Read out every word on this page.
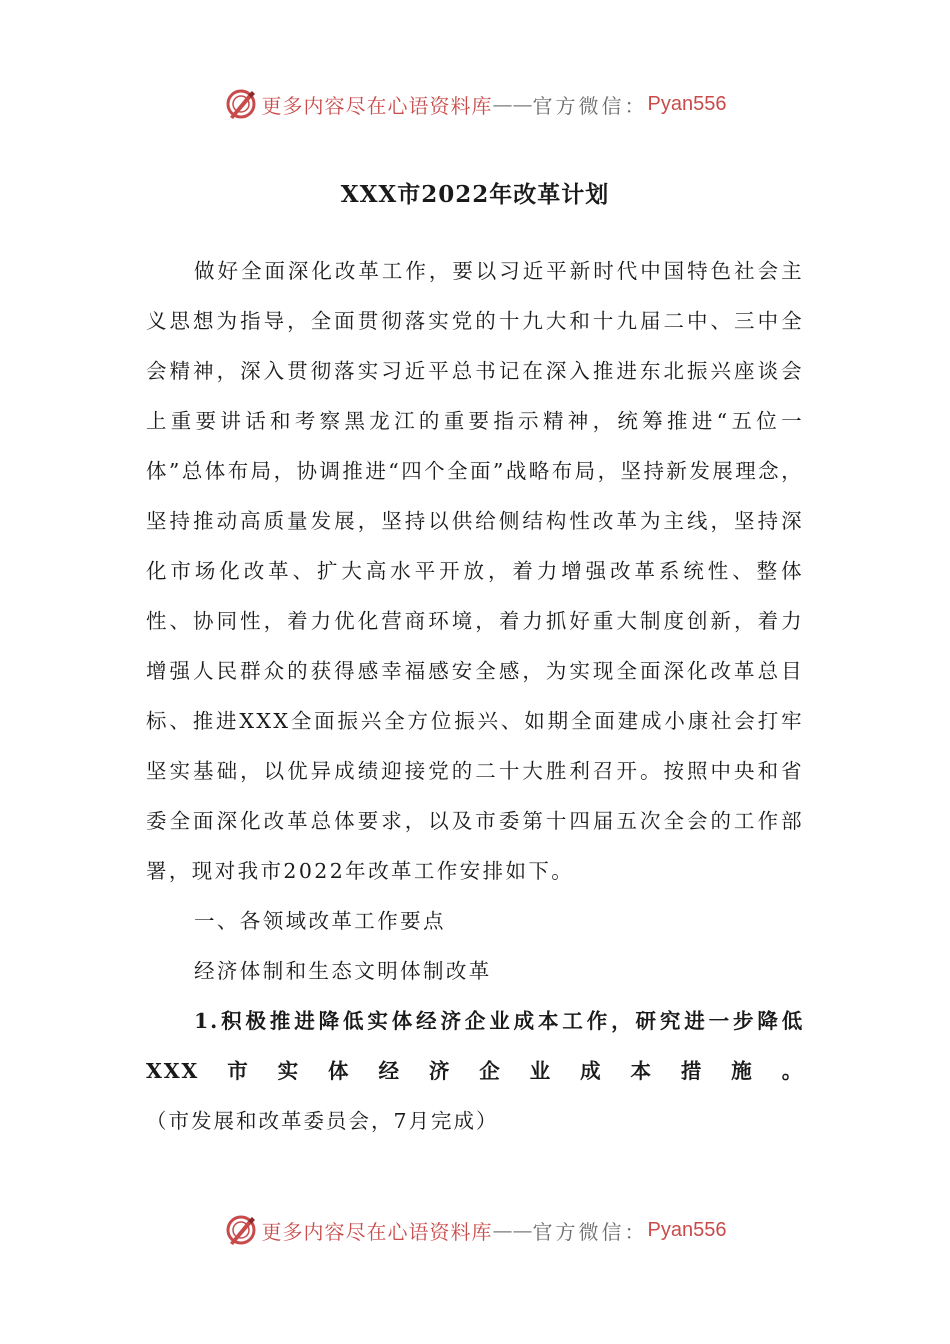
更多内容尽在心语资料库 —— 官方微信： Pyan556
XXX市2022年改革计划

做好全面深化改革工作，要以习近平新时代中国特色社会主义思想为指导，全面贯彻落实党的十九大和十九届二中、三中全会精神，深入贯彻落实习近平总书记在深入推进东北振兴座谈会上重要讲话和考察黑龙江的重要指示精神，统筹推进“五位一体”总体布局，协调推进“四个全面”战略布局，坚持新发展理念，坚持推动高质量发展，坚持以供给侧结构性改革为主线，坚持深化市场化改革、扩大高水平开放，着力增强改革系统性、整体性、协同性，着力优化营商环境，着力抓好重大制度创新，着力增强人民群众的获得感幸福感安全感，为实现全面深化改革总目标、推进XXX全面振兴全方位振兴、如期全面建成小康社会打牢坚实基础，以优异成绩迎接党的二十大胜利召开。按照中央和省委全面深化改革总体要求，以及市委第十四届五次全会的工作部署，现对我市2022年改革工作安排如下。

一、各领域改革工作要点

经济体制和生态文明体制改革

1.积极推进降低实体经济企业成本工作，研究进一步降低XXX市实体经济企业成本措施。（市发展和改革委员会，7月完成）

更多内容尽在心语资料库 —— 官方微信： Pyan556
